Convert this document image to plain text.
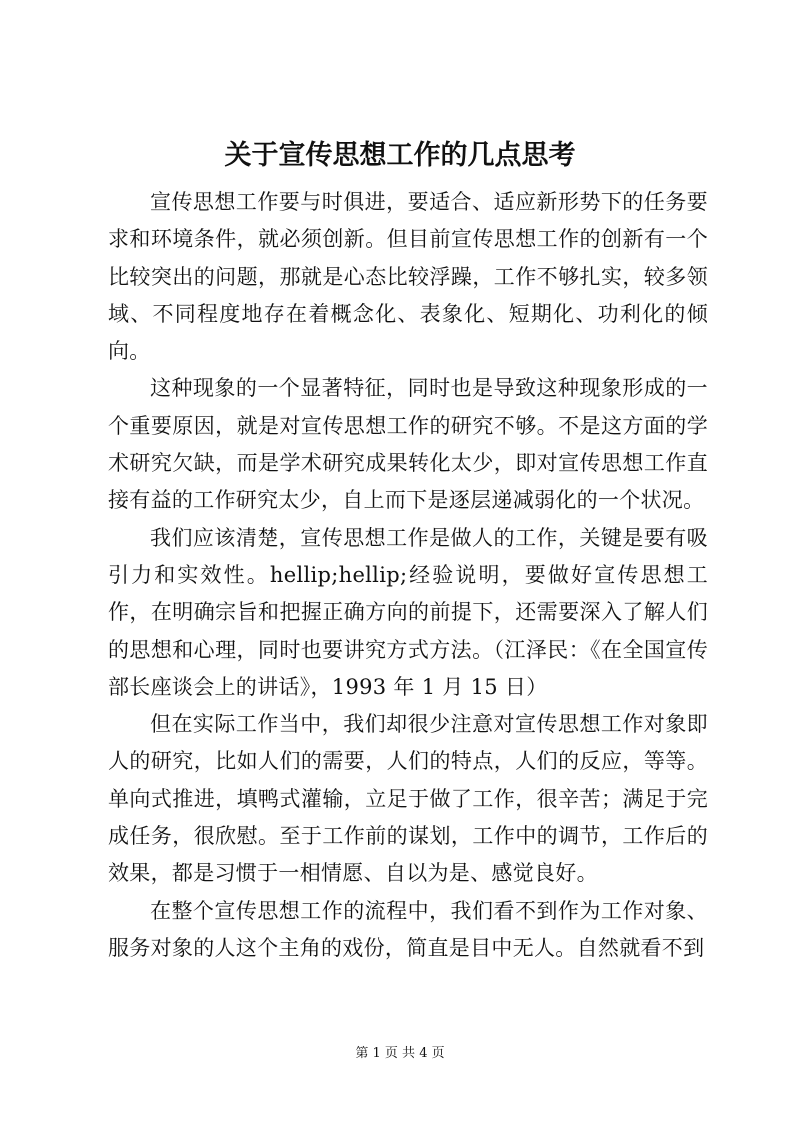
关于宣传思想工作的几点思考

宣传思想工作要与时俱进，要适合、适应新形势下的任务要求和环境条件，就必须创新。但目前宣传思想工作的创新有一个比较突出的问题，那就是心态比较浮躁，工作不够扎实，较多领域、不同程度地存在着概念化、表象化、短期化、功利化的倾向。

这种现象的一个显著特征，同时也是导致这种现象形成的一个重要原因，就是对宣传思想工作的研究不够。不是这方面的学术研究欠缺，而是学术研究成果转化太少，即对宣传思想工作直接有益的工作研究太少，自上而下是逐层递减弱化的一个状况。

我们应该清楚，宣传思想工作是做人的工作，关键是要有吸引力和实效性。hellip;hellip;经验说明，要做好宣传思想工作，在明确宗旨和把握正确方向的前提下，还需要深入了解人们的思想和心理，同时也要讲究方式方法。（江泽民：《在全国宣传部长座谈会上的讲话》，1993 年 1 月 15 日）

但在实际工作当中，我们却很少注意对宣传思想工作对象即人的研究，比如人们的需要，人们的特点，人们的反应，等等。单向式推进，填鸭式灌输，立足于做了工作，很辛苦；满足于完成任务，很欣慰。至于工作前的谋划，工作中的调节，工作后的效果，都是习惯于一相情愿、自以为是、感觉良好。

在整个宣传思想工作的流程中，我们看不到作为工作对象、服务对象的人这个主角的戏份，简直是目中无人。自然就看不到

第 1 页 共 4 页
